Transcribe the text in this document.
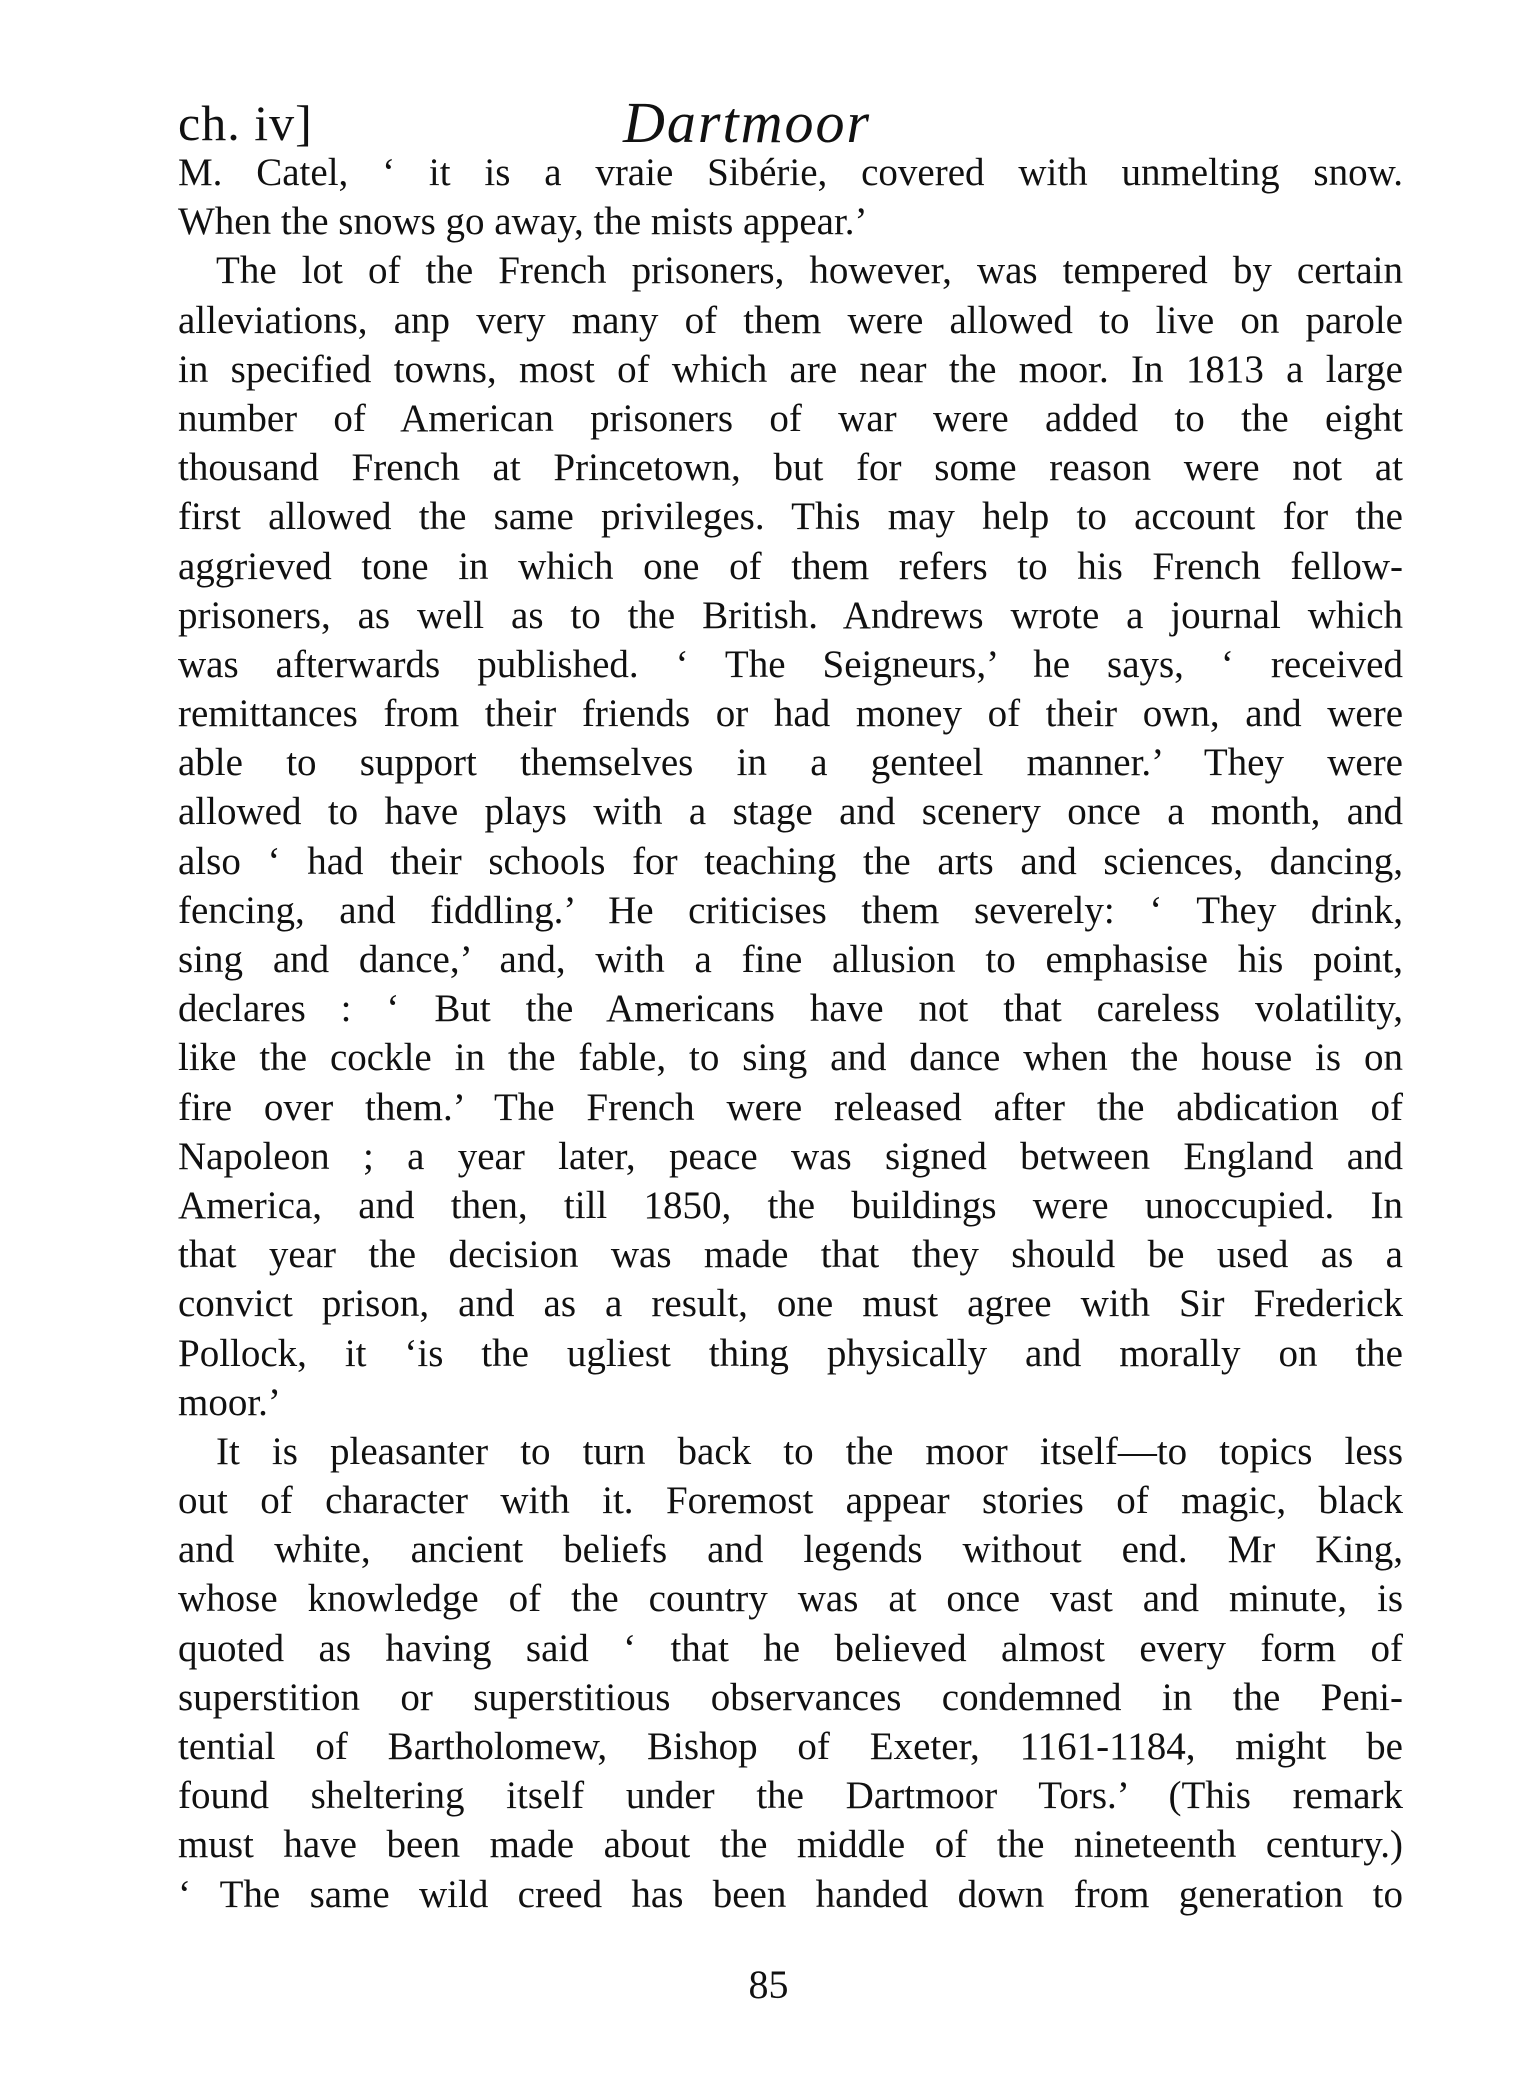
ch. iv]	Dartmoor
M. Catel, ‘ it is a vraie Sibérie, covered with unmelting snow.
When the snows go away, the mists appear.’
The lot of the French prisoners, however, was tempered by certain
alleviations, anp very many of them were allowed to live on parole
in specified towns, most of which are near the moor. In 1813 a large
number of American prisoners of war were added to the eight
thousand French at Princetown, but for some reason were not at
first allowed the same privileges. This may help to account for the
aggrieved tone in which one of them refers to his French fellow-
prisoners, as well as to the British. Andrews wrote a journal which
was afterwards published. ‘ The Seigneurs,’ he says, ‘ received
remittances from their friends or had money of their own, and were
able to support themselves in a genteel manner.’ They were
allowed to have plays with a stage and scenery once a month, and
also ‘ had their schools for teaching the arts and sciences, dancing,
fencing, and fiddling.’ He criticises them severely: ‘ They drink,
sing and dance,’ and, with a fine allusion to emphasise his point,
declares : ‘ But the Americans have not that careless volatility,
like the cockle in the fable, to sing and dance when the house is on
fire over them.’ The French were released after the abdication of
Napoleon ; a year later, peace was signed between England and
America, and then, till 1850, the buildings were unoccupied. In
that year the decision was made that they should be used as a
convict prison, and as a result, one must agree with Sir Frederick
Pollock, it ‘is the ugliest thing physically and morally on the
moor.’
It is pleasanter to turn back to the moor itself—to topics less
out of character with it. Foremost appear stories of magic, black
and white, ancient beliefs and legends without end. Mr King,
whose knowledge of the country was at once vast and minute, is
quoted as having said ‘ that he believed almost every form of
superstition or superstitious observances condemned in the Peni-
tential of Bartholomew, Bishop of Exeter, 1161-1184, might be
found sheltering itself under the Dartmoor Tors.’ (This remark
must have been made about the middle of the nineteenth century.)
‘ The same wild creed has been handed down from generation to
85
